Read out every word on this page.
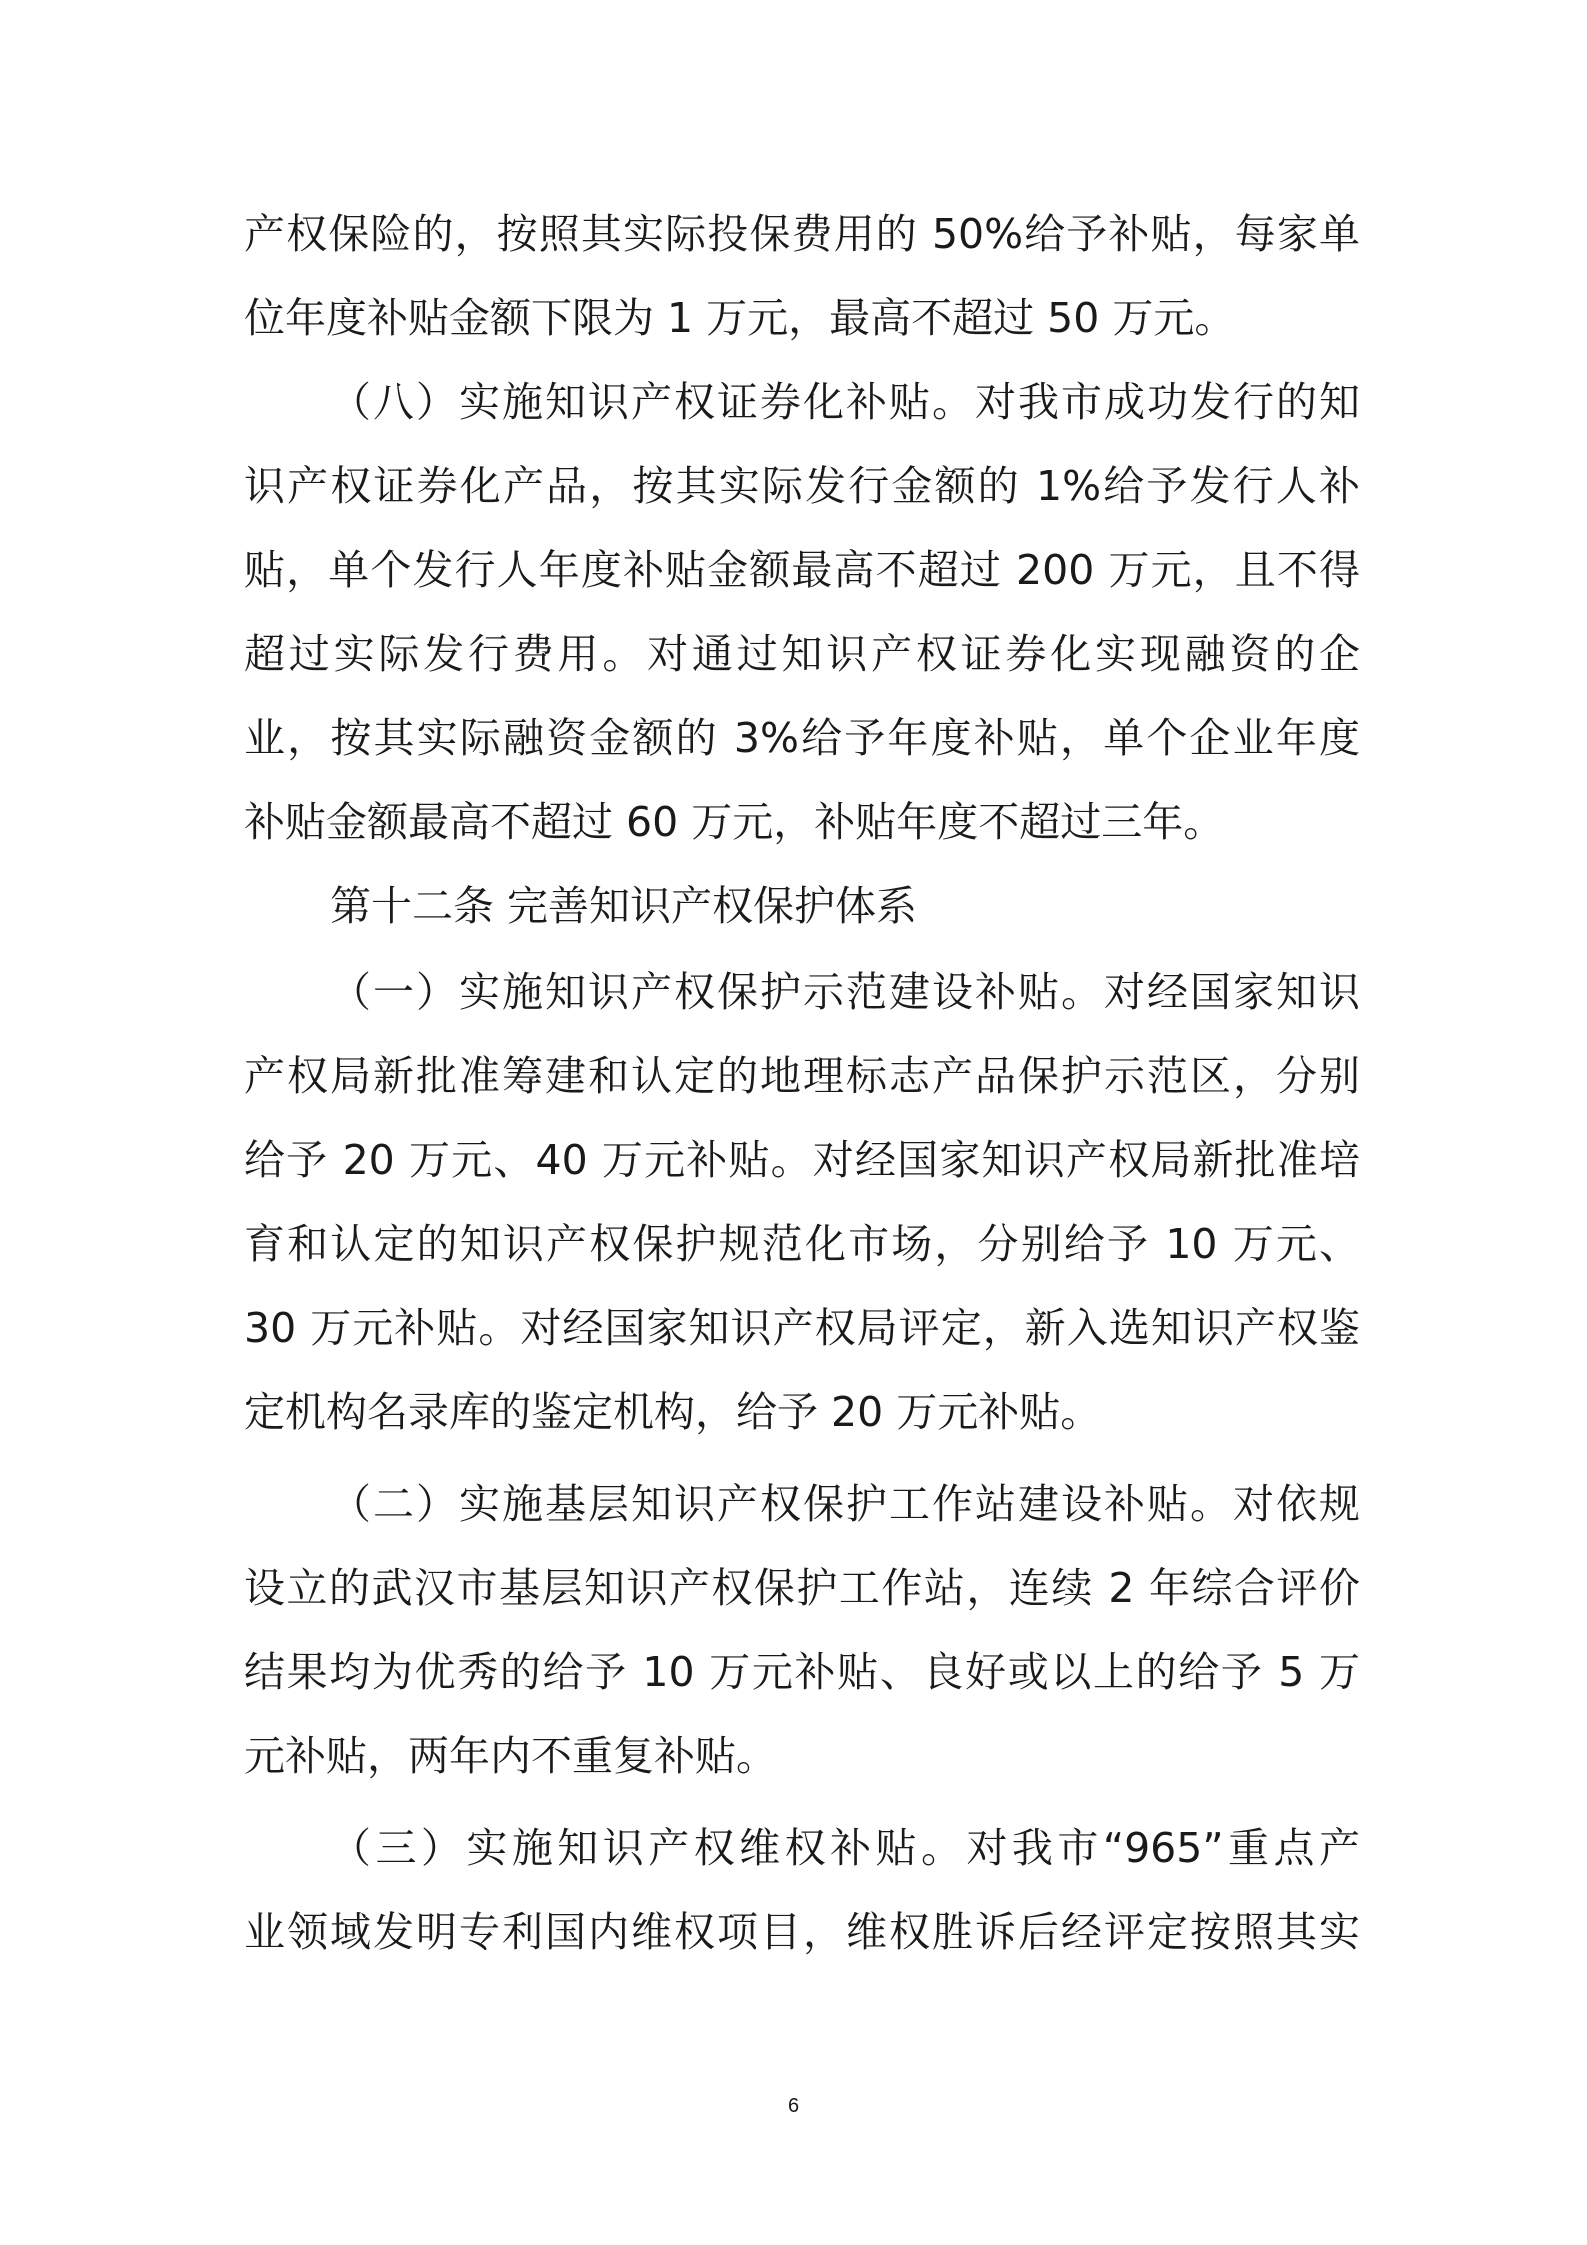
产权保险的，按照其实际投保费用的 50%给予补贴，每家单
位年度补贴金额下限为 1 万元，最高不超过 50 万元。
（八）实施知识产权证券化补贴。对我市成功发行的知
识产权证券化产品，按其实际发行金额的 1%给予发行人补
贴，单个发行人年度补贴金额最高不超过 200 万元，且不得
超过实际发行费用。对通过知识产权证券化实现融资的企
业，按其实际融资金额的 3%给予年度补贴，单个企业年度
补贴金额最高不超过 60 万元，补贴年度不超过三年。
第十二条 完善知识产权保护体系
（一）实施知识产权保护示范建设补贴。对经国家知识
产权局新批准筹建和认定的地理标志产品保护示范区，分别
给予 20 万元、40 万元补贴。对经国家知识产权局新批准培
育和认定的知识产权保护规范化市场，分别给予 10 万元、
30 万元补贴。对经国家知识产权局评定，新入选知识产权鉴
定机构名录库的鉴定机构，给予 20 万元补贴。
（二）实施基层知识产权保护工作站建设补贴。对依规
设立的武汉市基层知识产权保护工作站，连续 2 年综合评价
结果均为优秀的给予 10 万元补贴、良好或以上的给予 5 万
元补贴，两年内不重复补贴。
（三）实施知识产权维权补贴。对我市“965”重点产
业领域发明专利国内维权项目，维权胜诉后经评定按照其实
6
